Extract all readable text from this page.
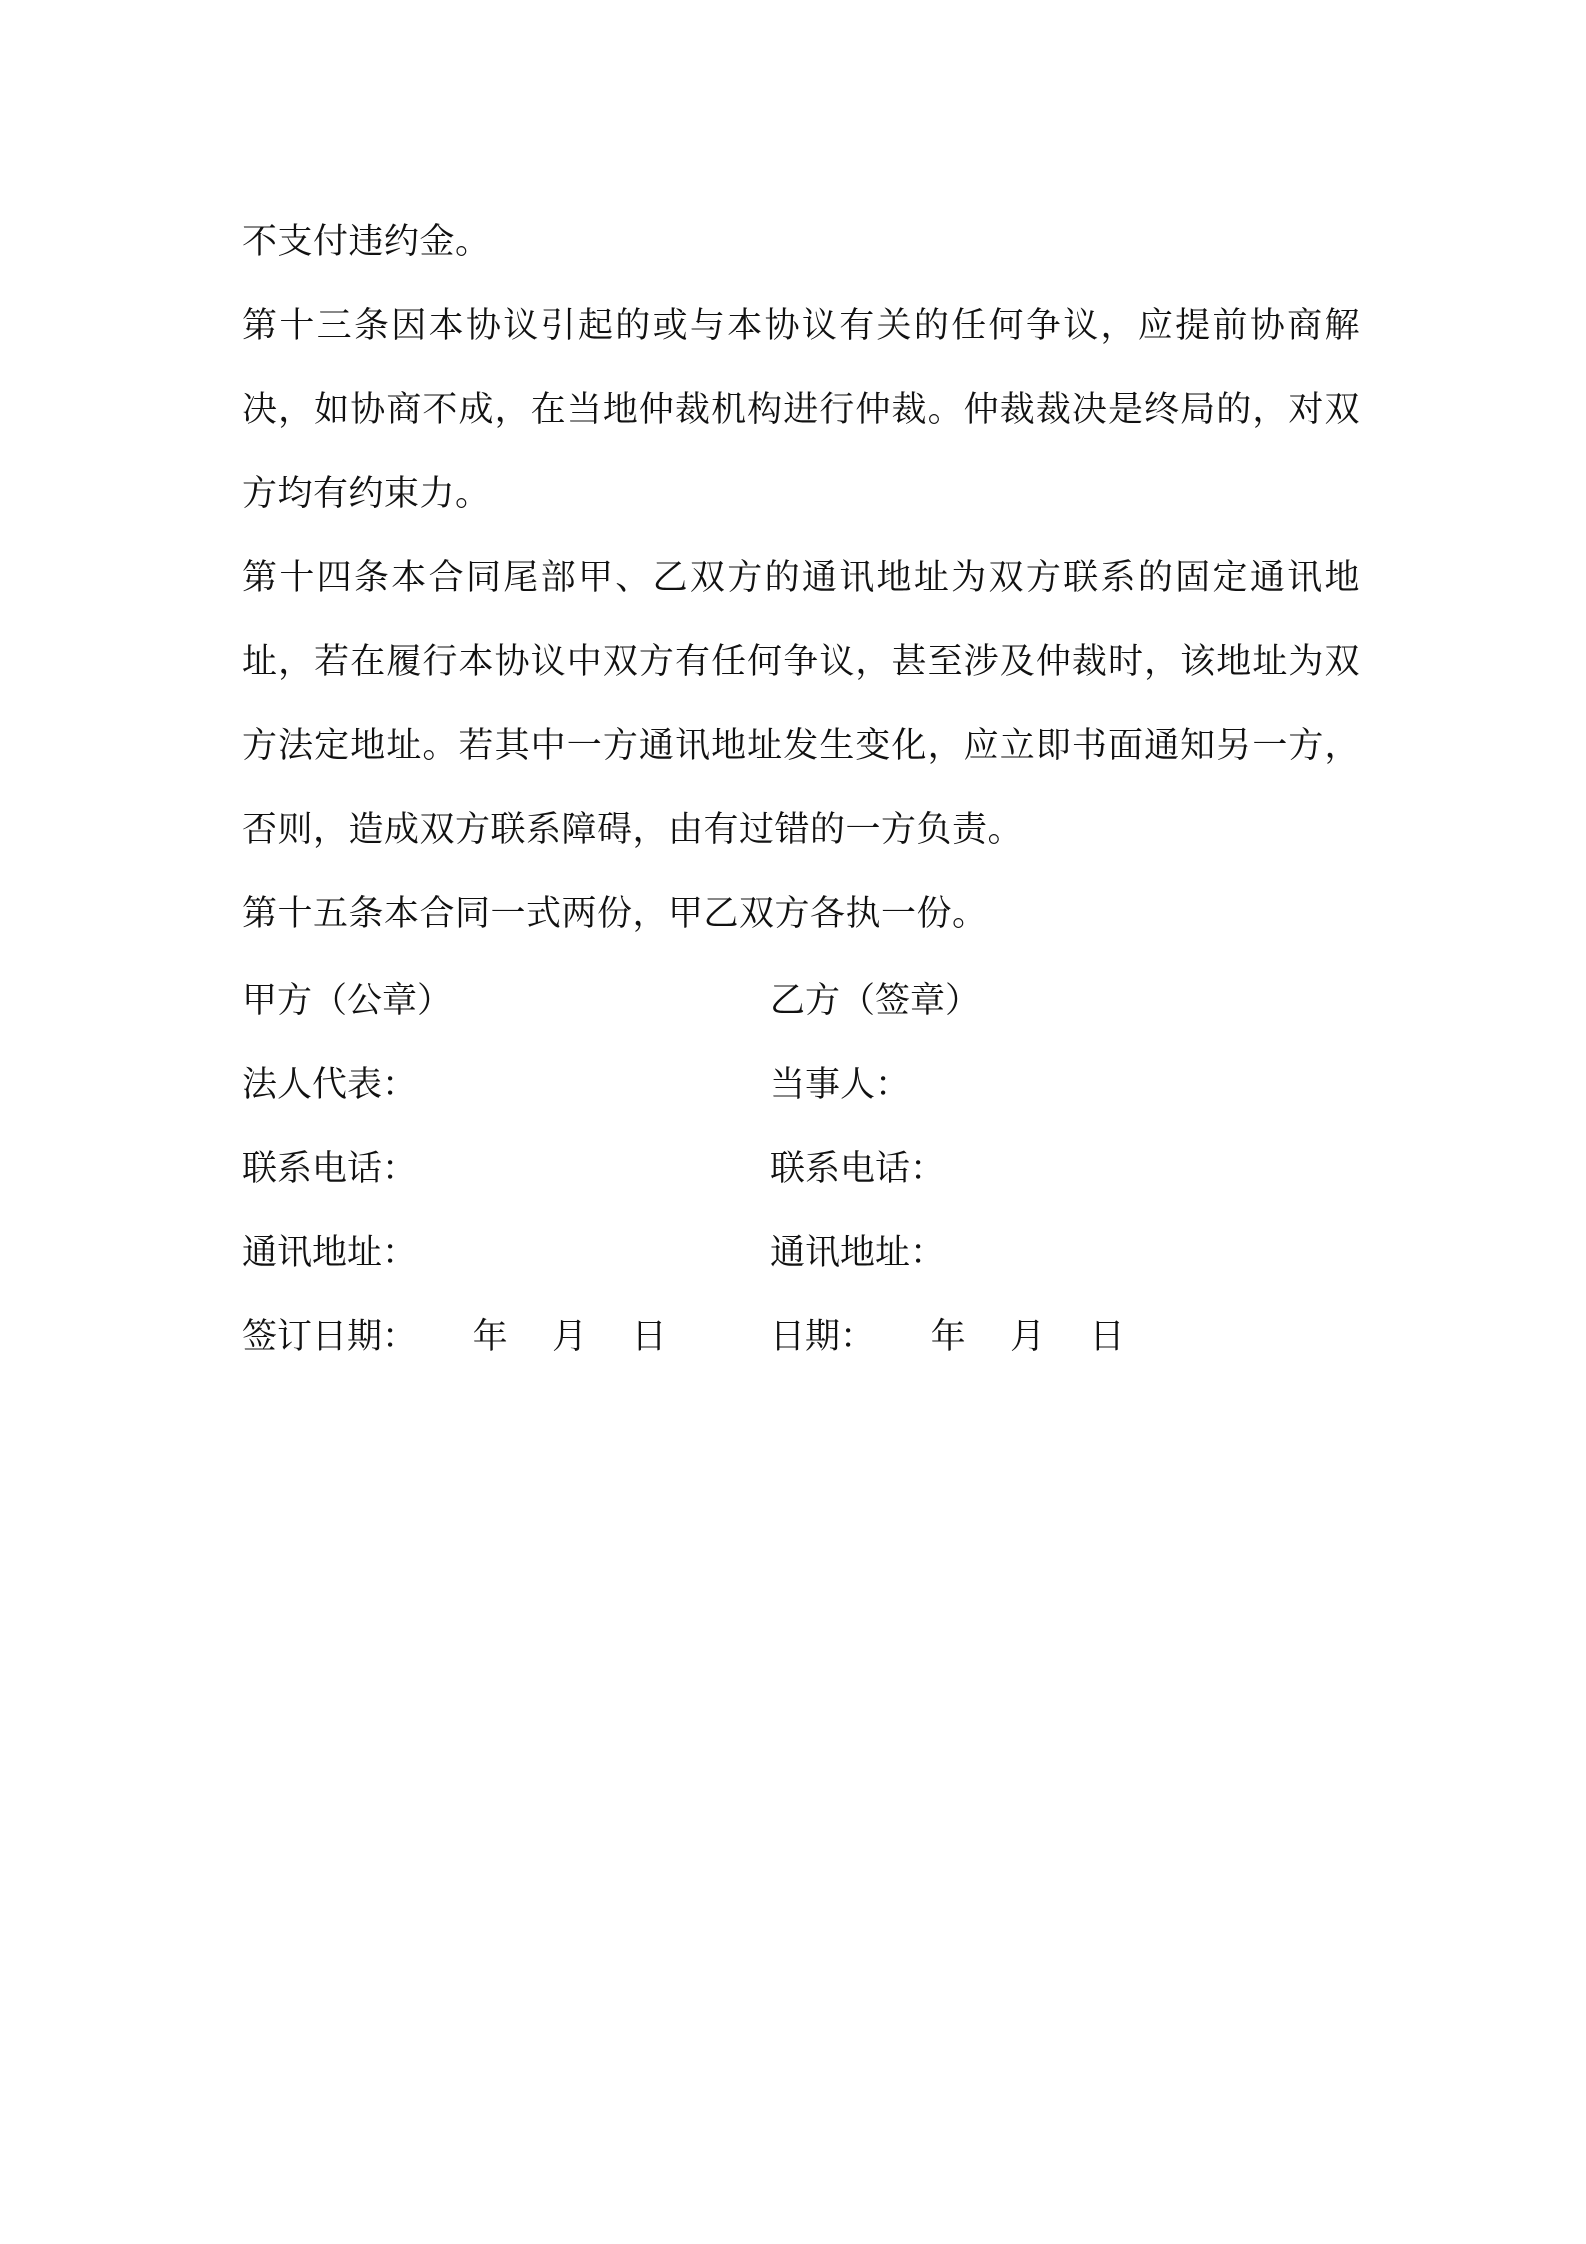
不支付违约金。

第十三条因本协议引起的或与本协议有关的任何争议，应提前协商解决，如协商不成，在当地仲裁机构进行仲裁。仲裁裁决是终局的，对双方均有约束力。

第十四条本合同尾部甲、乙双方的通讯地址为双方联系的固定通讯地址，若在履行本协议中双方有任何争议，甚至涉及仲裁时，该地址为双方法定地址。若其中一方通讯地址发生变化，应立即书面通知另一方，否则，造成双方联系障碍，由有过错的一方负责。

第十五条本合同一式两份，甲乙双方各执一份。

甲方（公章）	乙方（签章）
法人代表：	当事人：
联系电话：	联系电话：
通讯地址：	通讯地址：
签订日期：     年    月    日	日期：     年    月    日
